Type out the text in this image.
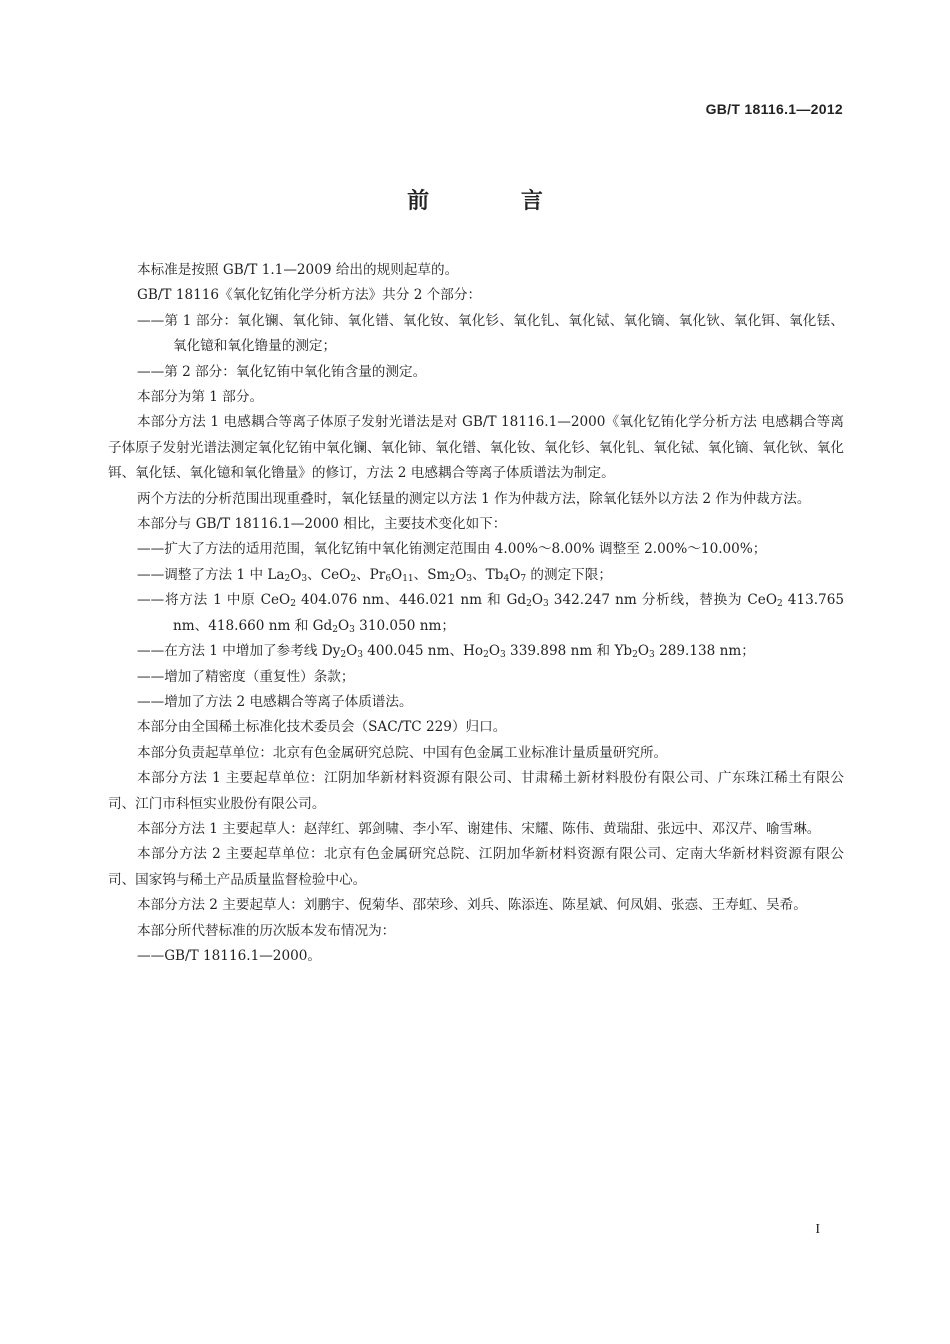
GB/T 18116.1—2012
前 言

本标准是按照 GB/T 1.1—2009 给出的规则起草的。

GB/T 18116《氧化钇铕化学分析方法》共分 2 个部分：

——第 1 部分：氧化镧、氧化铈、氧化镨、氧化钕、氧化钐、氧化钆、氧化铽、氧化镝、氧化钬、氧化铒、氧化铥、氧化镱和氧化镥量的测定；

——第 2 部分：氧化钇铕中氧化铕含量的测定。

本部分为第 1 部分。

本部分方法 1 电感耦合等离子体原子发射光谱法是对 GB/T 18116.1—2000《氧化钇铕化学分析方法 电感耦合等离子体原子发射光谱法测定氧化钇铕中氧化镧、氧化铈、氧化镨、氧化钕、氧化钐、氧化钆、氧化铽、氧化镝、氧化钬、氧化铒、氧化铥、氧化镱和氧化镥量》的修订，方法 2 电感耦合等离子体质谱法为制定。

两个方法的分析范围出现重叠时，氧化铥量的测定以方法 1 作为仲裁方法，除氧化铥外以方法 2 作为仲裁方法。

本部分与 GB/T 18116.1—2000 相比，主要技术变化如下：

——扩大了方法的适用范围，氧化钇铕中氧化铕测定范围由 4.00%～8.00% 调整至 2.00%～10.00%；

——调整了方法 1 中 $La_2O_3$、CeO$_2$、$Pr_6O_{11}$、$Sm_2O_3$、$Tb_4O_7$ 的测定下限；

——将方法 1 中原 CeO$_2$ 404.076 nm、446.021 nm 和 $Gd_2O_3$ 342.247 nm 分析线，替换为 CeO$_2$ 413.765 nm、418.660 nm 和 $Gd_2O_3$ 310.050 nm；

——在方法 1 中增加了参考线 $Dy_2O_3$ 400.045 nm、$Ho_2O_3$ 339.898 nm 和 $Yb_2O_3$ 289.138 nm；

——增加了精密度（重复性）条款；

——增加了方法 2 电感耦合等离子体质谱法。

本部分由全国稀土标准化技术委员会（SAC/TC 229）归口。

本部分负责起草单位：北京有色金属研究总院、中国有色金属工业标准计量质量研究所。

本部分方法 1 主要起草单位：江阴加华新材料资源有限公司、甘肃稀土新材料股份有限公司、广东珠江稀土有限公司、江门市科恒实业股份有限公司。

本部分方法 1 主要起草人：赵萍红、郭剑啸、李小军、谢建伟、宋耀、陈伟、黄瑞甜、张远中、邓汉芹、喻雪琳。

本部分方法 2 主要起草单位：北京有色金属研究总院、江阴加华新材料资源有限公司、定南大华新材料资源有限公司、国家钨与稀土产品质量监督检验中心。

本部分方法 2 主要起草人：刘鹏宇、倪菊华、邵荣珍、刘兵、陈添连、陈星斌、何凤娟、张悫、王寿虹、吴希。

本部分所代替标准的历次版本发布情况为：

——GB/T 18116.1—2000。

I
